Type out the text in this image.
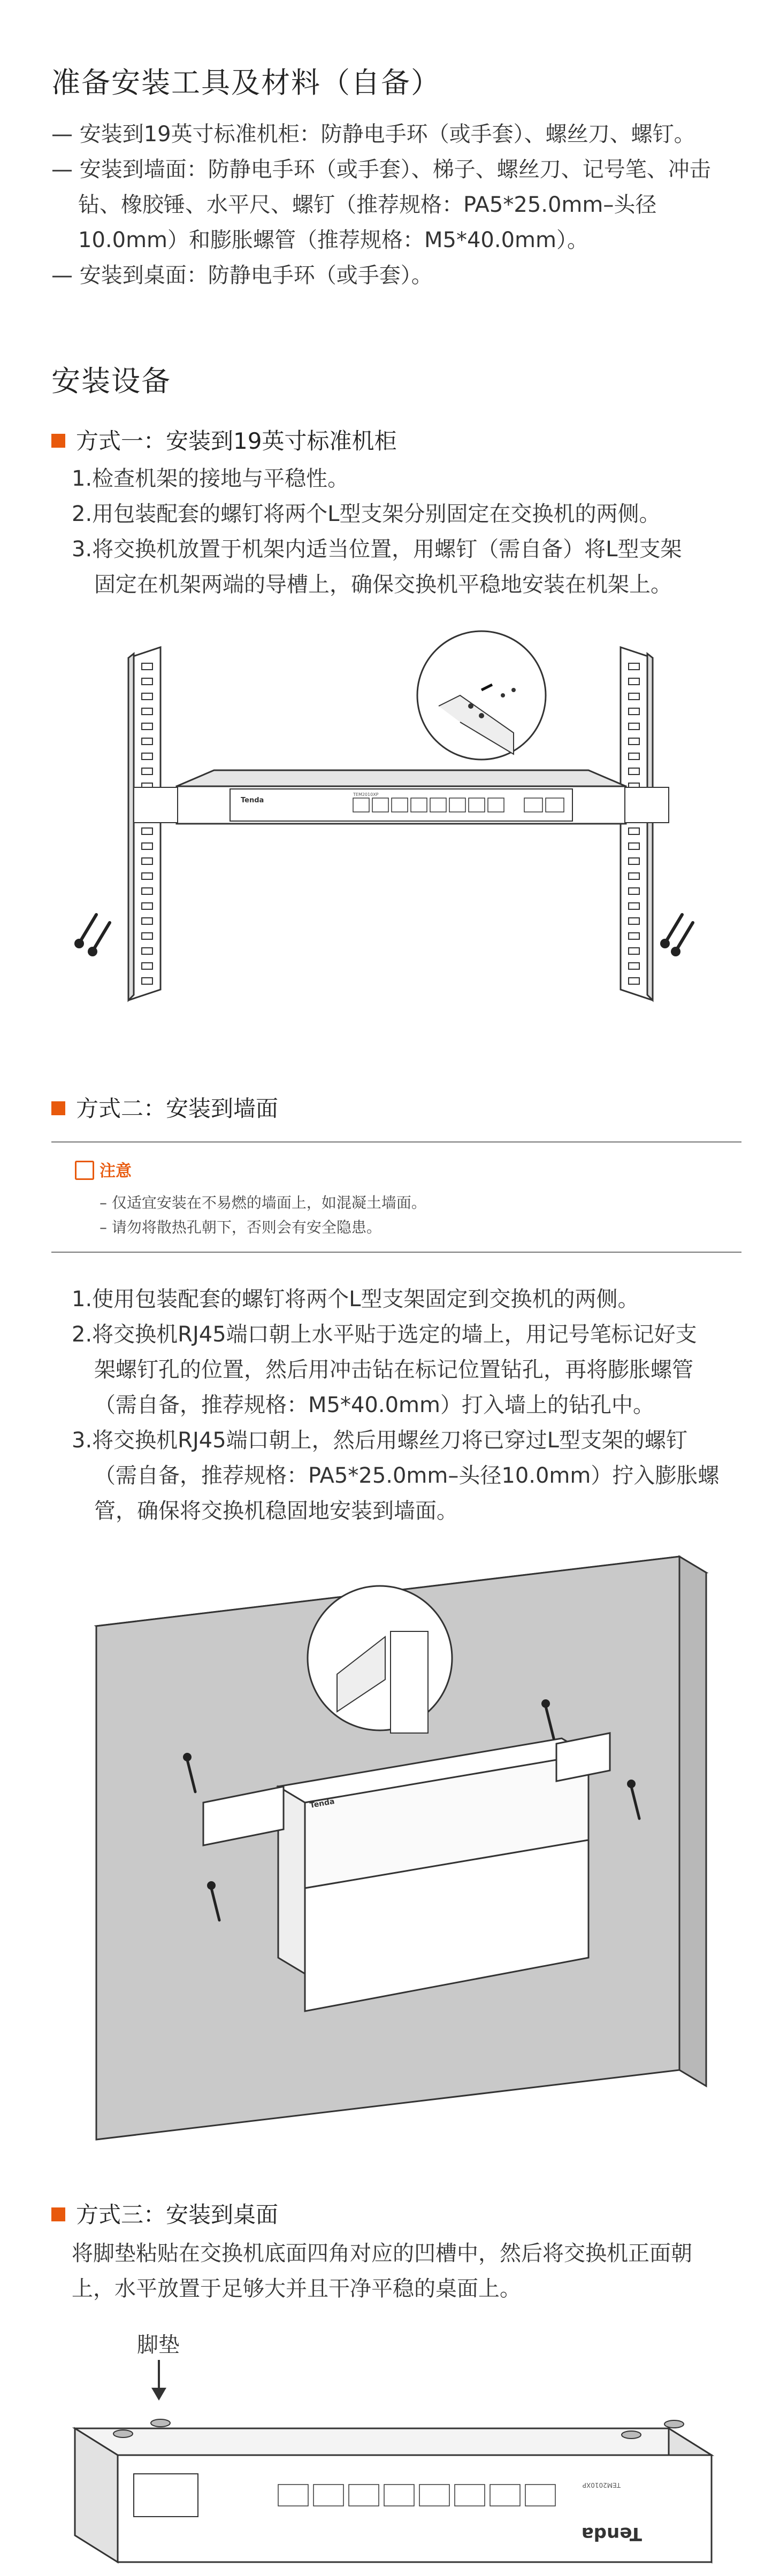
准备安装工具及材料（自备）
— 安装到19英寸标准机柜：防静电手环（或手套）、螺丝刀、螺钉。
— 安装到墙面：防静电手环（或手套）、梯子、螺丝刀、记号笔、冲击
钻、橡胶锤、水平尺、螺钉（推荐规格：PA5*25.0mm–头径
10.0mm）和膨胀螺管（推荐规格：M5*40.0mm）。
— 安装到桌面：防静电手环（或手套）。
安装设备
方式一：安装到19英寸标准机柜
1.检查机架的接地与平稳性。
2.用包装配套的螺钉将两个L型支架分别固定在交换机的两侧。
3.将交换机放置于机架内适当位置，用螺钉（需自备）将L型支架
固定在机架两端的导槽上，确保交换机平稳地安装在机架上。
Tenda
TEM2010XP
方式二：安装到墙面
注意
– 仅适宜安装在不易燃的墙面上，如混凝土墙面。
– 请勿将散热孔朝下，否则会有安全隐患。
1.使用包装配套的螺钉将两个L型支架固定到交换机的两侧。
2.将交换机RJ45端口朝上水平贴于选定的墙上，用记号笔标记好支
架螺钉孔的位置，然后用冲击钻在标记位置钻孔，再将膨胀螺管
（需自备，推荐规格：M5*40.0mm）打入墙上的钻孔中。
3.将交换机RJ45端口朝上，然后用螺丝刀将已穿过L型支架的螺钉
（需自备，推荐规格：PA5*25.0mm–头径10.0mm）拧入膨胀螺
管，确保将交换机稳固地安装到墙面。
Tenda
方式三：安装到桌面
将脚垫粘贴在交换机底面四角对应的凹槽中，然后将交换机正面朝
上，水平放置于足够大并且干净平稳的桌面上。
脚垫
TEM2010XP
Tenda
